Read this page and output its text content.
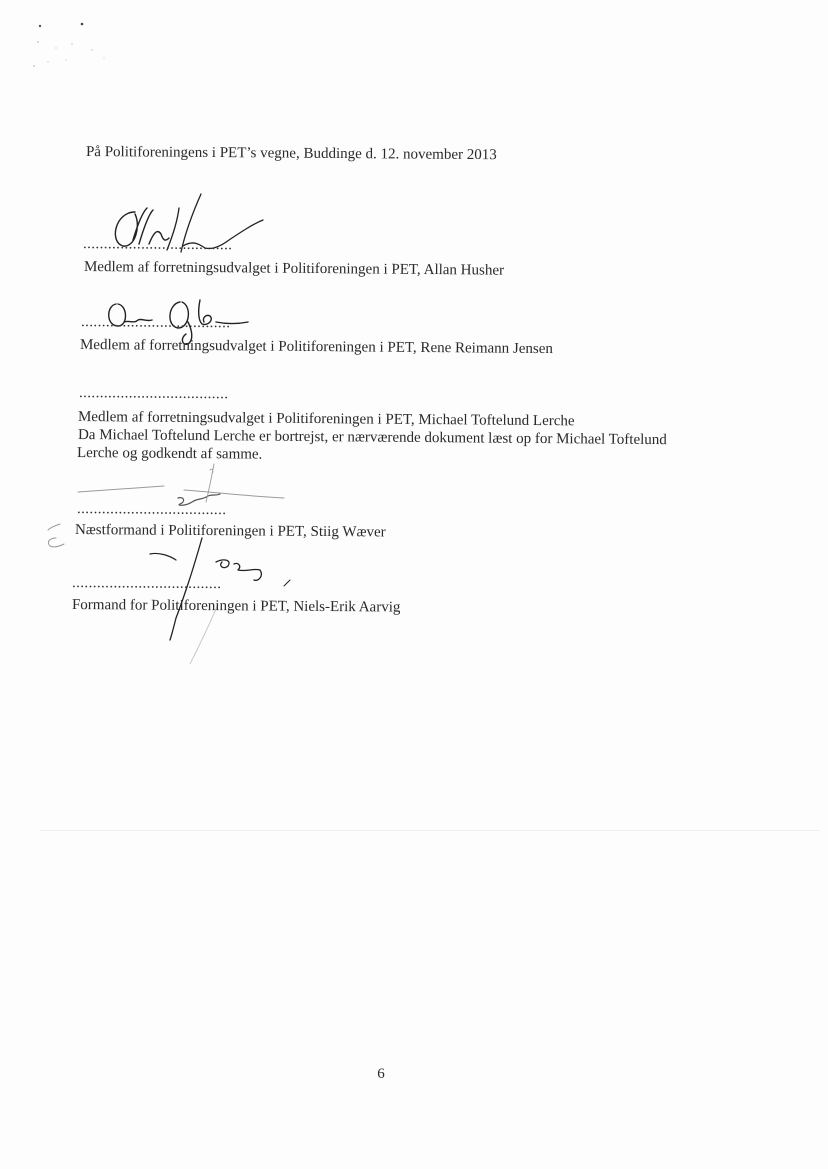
På Politiforeningens i PET’s vegne, Buddinge d. 12. november 2013

....................................

Medlem af forretningsudvalget i Politiforeningen i PET, Allan Husher

....................................

Medlem af forretningsudvalget i Politiforeningen i PET, Rene Reimann Jensen

....................................

Medlem af forretningsudvalget i Politiforeningen i PET, Michael Toftelund Lerche

Da Michael Toftelund Lerche er bortrejst, er nærværende dokument læst op for Michael Toftelund

Lerche og godkendt af samme.

....................................

Næstformand i Politiforeningen i PET, Stiig Wæver

....................................

Formand for Politiforeningen i PET, Niels-Erik Aarvig

6
